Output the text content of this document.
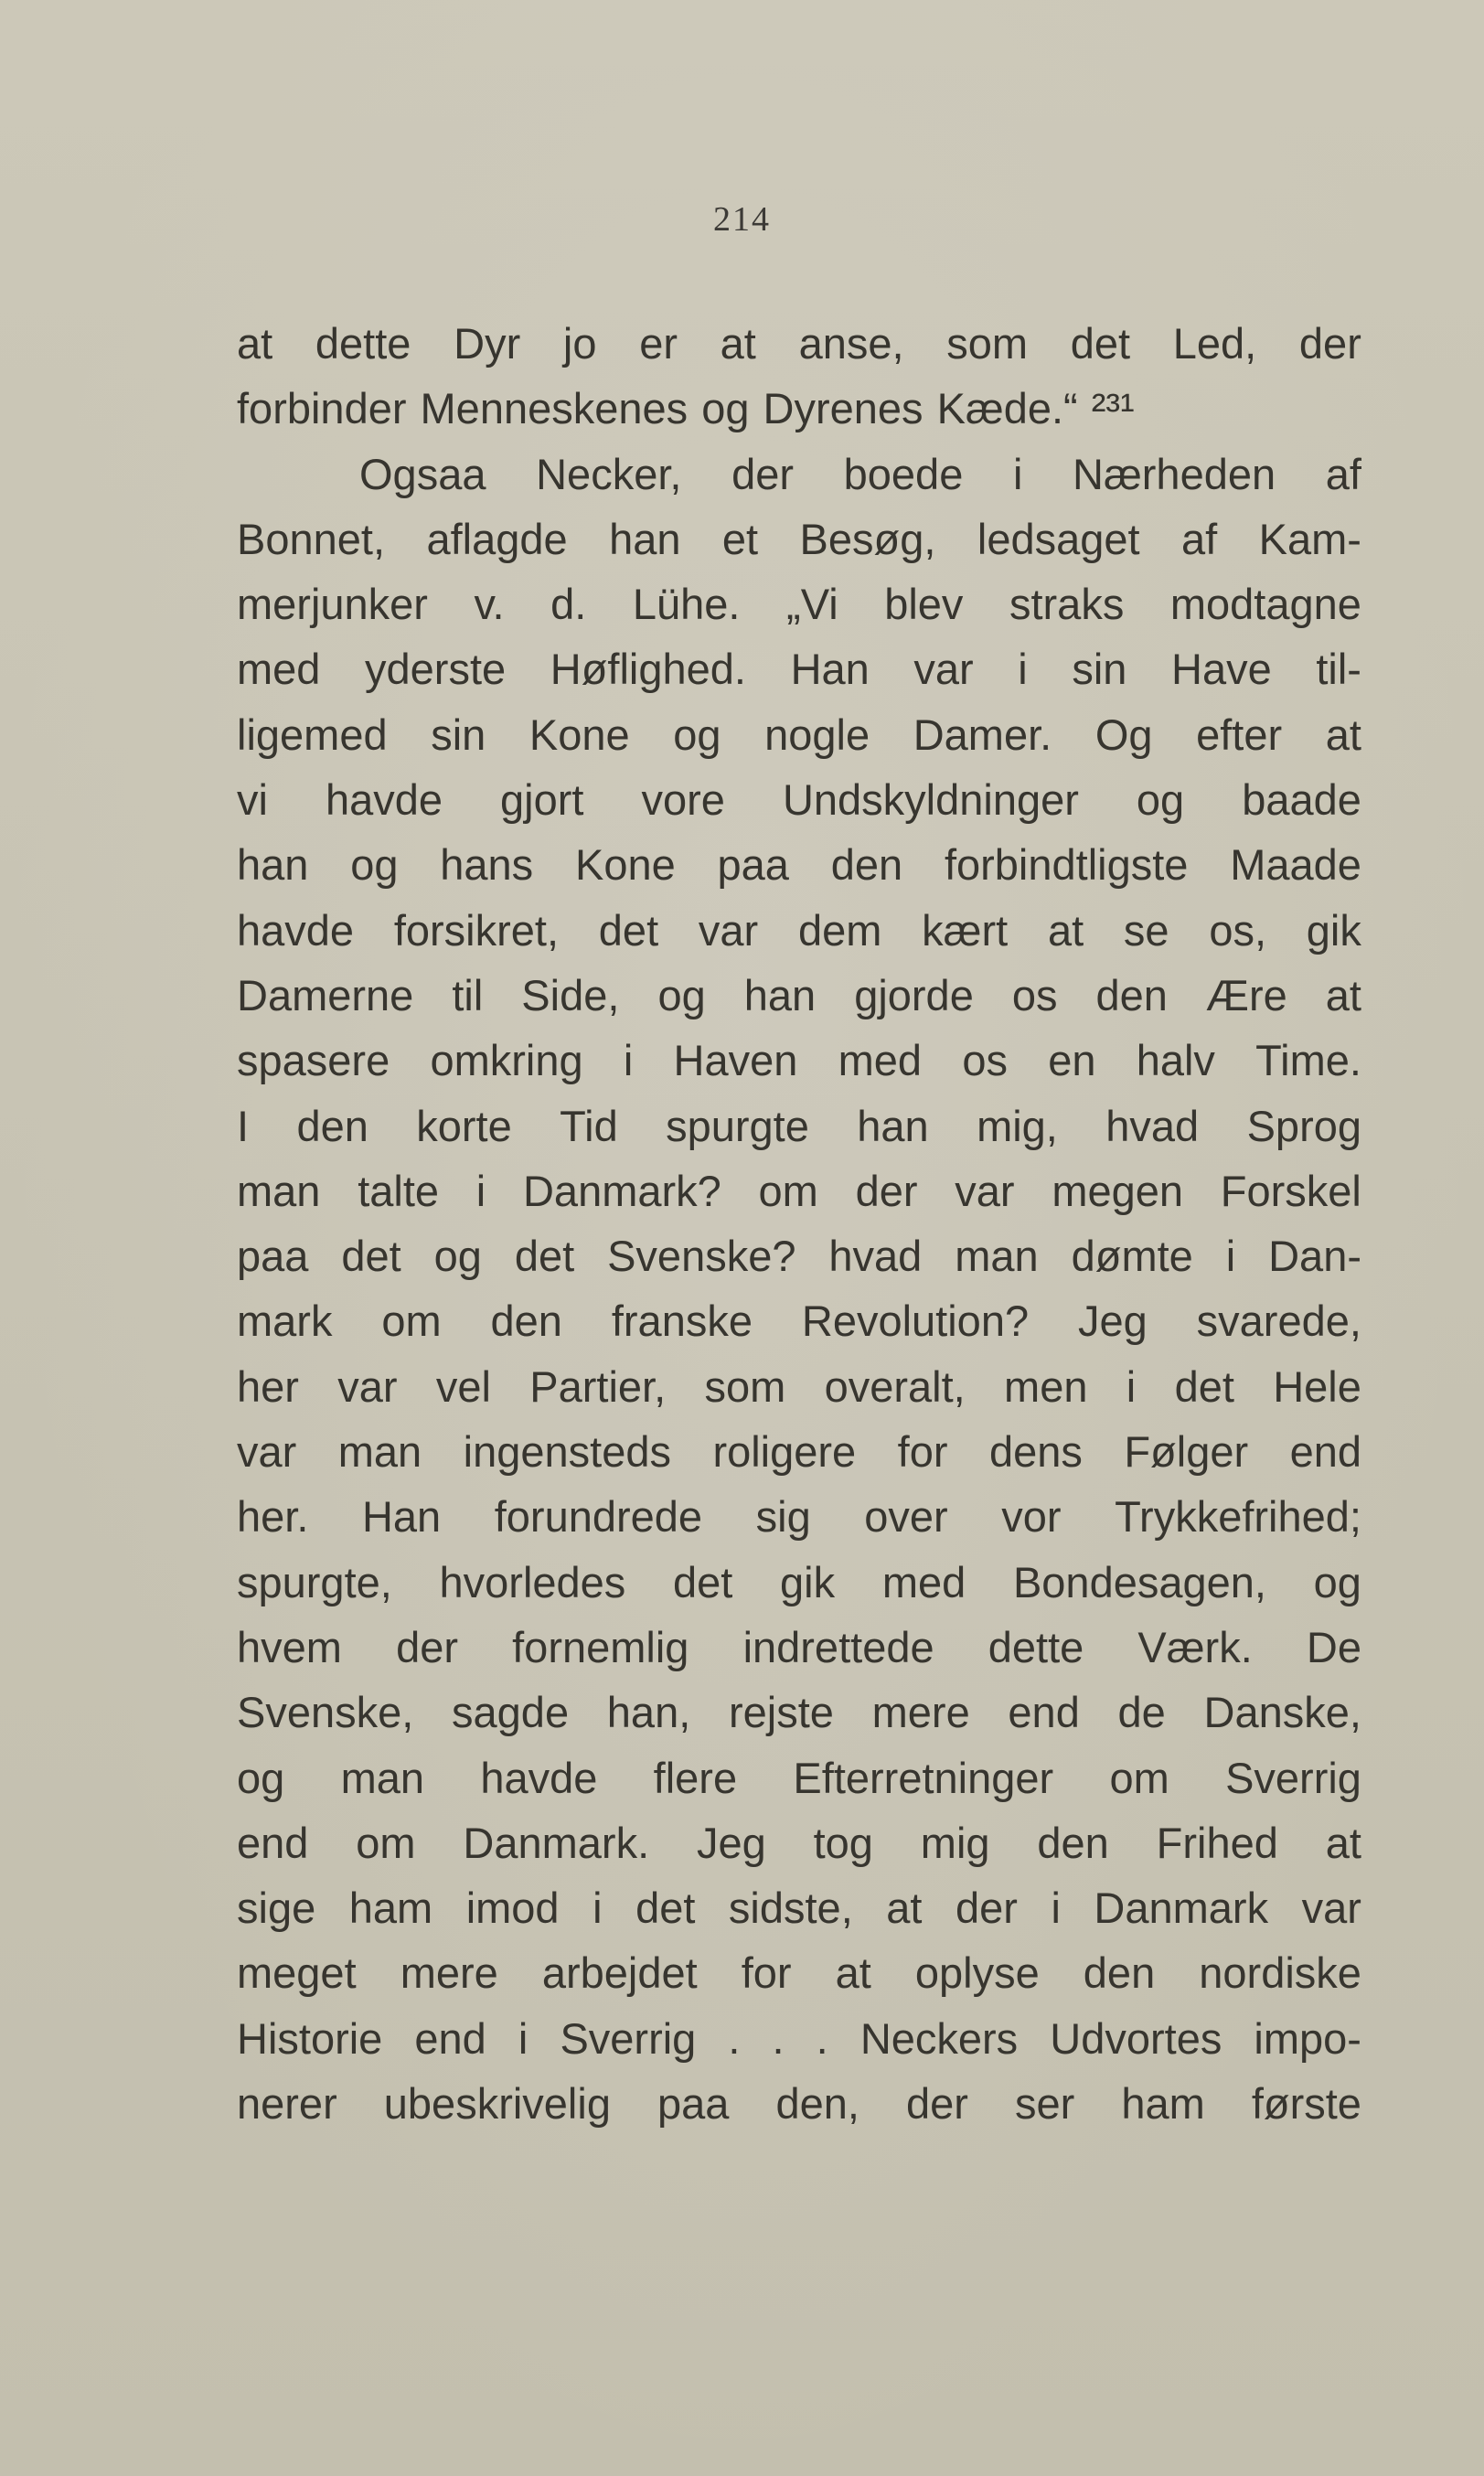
214
at dette Dyr jo er at anse, som det Led, der
forbinder Menneskenes og Dyrenes Kæde.“ ²³¹
Ogsaa Necker, der boede i Nærheden af
Bonnet, aflagde han et Besøg, ledsaget af Kam-
merjunker v. d. Lühe. „Vi blev straks modtagne
med yderste Høflighed. Han var i sin Have til-
ligemed sin Kone og nogle Damer. Og efter at
vi havde gjort vore Undskyldninger og baade
han og hans Kone paa den forbindtligste Maade
havde forsikret, det var dem kært at se os, gik
Damerne til Side, og han gjorde os den Ære at
spasere omkring i Haven med os en halv Time.
I den korte Tid spurgte han mig, hvad Sprog
man talte i Danmark? om der var megen Forskel
paa det og det Svenske? hvad man dømte i Dan-
mark om den franske Revolution? Jeg svarede,
her var vel Partier, som overalt, men i det Hele
var man ingensteds roligere for dens Følger end
her. Han forundrede sig over vor Trykkefrihed;
spurgte, hvorledes det gik med Bondesagen, og
hvem der fornemlig indrettede dette Værk. De
Svenske, sagde han, rejste mere end de Danske,
og man havde flere Efterretninger om Sverrig
end om Danmark. Jeg tog mig den Frihed at
sige ham imod i det sidste, at der i Danmark var
meget mere arbejdet for at oplyse den nordiske
Historie end i Sverrig . . . Neckers Udvortes impo-
nerer ubeskrivelig paa den, der ser ham første
